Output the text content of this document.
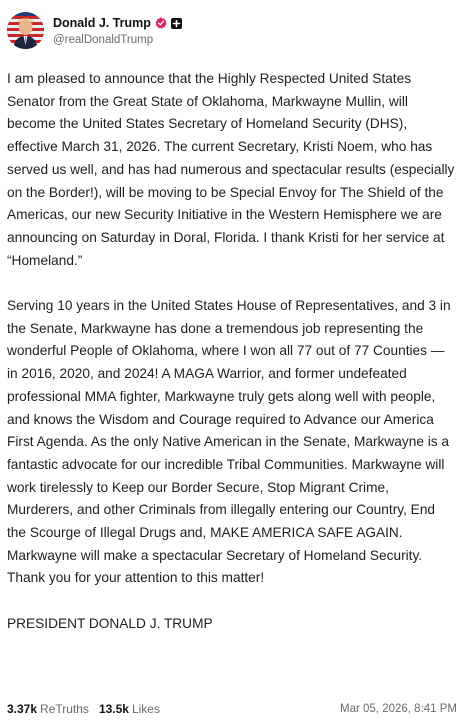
Donald J. Trump
@realDonaldTrump

I am pleased to announce that the Highly Respected United States Senator from the Great State of Oklahoma, Markwayne Mullin, will become the United States Secretary of Homeland Security (DHS), effective March 31, 2026. The current Secretary, Kristi Noem, who has served us well, and has had numerous and spectacular results (especially on the Border!), will be moving to be Special Envoy for The Shield of the Americas, our new Security Initiative in the Western Hemisphere we are announcing on Saturday in Doral, Florida. I thank Kristi for her service at “Homeland.”

Serving 10 years in the United States House of Representatives, and 3 in the Senate, Markwayne has done a tremendous job representing the wonderful People of Oklahoma, where I won all 77 out of 77 Counties — in 2016, 2020, and 2024! A MAGA Warrior, and former undefeated professional MMA fighter, Markwayne truly gets along well with people, and knows the Wisdom and Courage required to Advance our America First Agenda. As the only Native American in the Senate, Markwayne is a fantastic advocate for our incredible Tribal Communities. Markwayne will work tirelessly to Keep our Border Secure, Stop Migrant Crime, Murderers, and other Criminals from illegally entering our Country, End the Scourge of Illegal Drugs and, MAKE AMERICA SAFE AGAIN. Markwayne will make a spectacular Secretary of Homeland Security. Thank you for your attention to this matter!

PRESIDENT DONALD J. TRUMP

3.37k ReTruths 13.5k Likes	Mar 05, 2026, 8:41 PM
